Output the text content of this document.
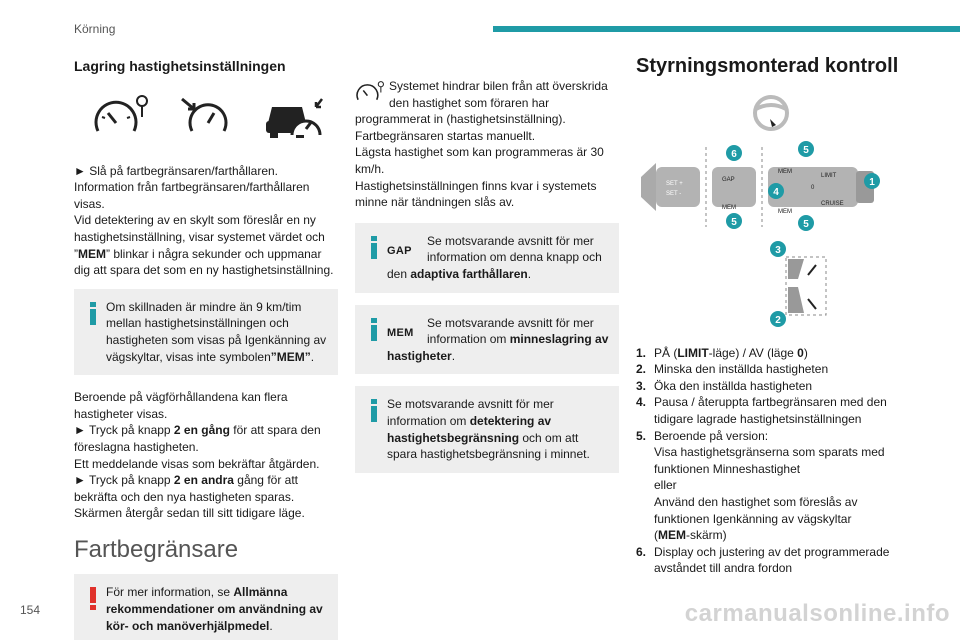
Körning
154	carmanualsonline.info
Lagring hastighetsinställningen

► Slå på fartbegränsaren/farthållaren.

Information från fartbegränsaren/farthållaren visas.

Vid detektering av en skylt som föreslår en ny hastighetsinställning, visar systemet värdet och ”MEM” blinkar i några sekunder och uppmanar dig att spara det som en ny hastighetsinställning.

Om skillnaden är mindre än 9 km/tim mellan hastighetsinställningen och hastigheten som visas på Igenkänning av vägskyltar, visas inte symbolen”MEM”.

Beroende på vägförhållandena kan flera hastigheter visas.

► Tryck på knapp 2 en gång för att spara den föreslagna hastigheten.

Ett meddelande visas som bekräftar åtgärden.

► Tryck på knapp 2 en andra gång för att bekräfta och den nya hastigheten sparas.

Skärmen återgår sedan till sitt tidigare läge.

Fartbegränsare
För mer information, se Allmänna rekommendationer om användning av kör- och manöverhjälpmedel.

Systemet hindrar bilen från att överskrida den hastighet som föraren har programmerat in (hastighetsinställning).

Fartbegränsaren startas manuellt.

Lägsta hastighet som kan programmeras är 30 km/h.

Hastighetsinställningen finns kvar i systemets minne när tändningen slås av.

GAP
Se motsvarande avsnitt för mer information om denna knapp och den adaptiva farthållaren.
MEM
Se motsvarande avsnitt för mer information om minneslagring av hastigheter.
Se motsvarande avsnitt för mer information om detektering av hastighetsbegränsning och om att spara hastighetsbegränsning i minnet.
Styrningsmonterad kontroll
SET +
SET -
GAP
MEM
MEM
LIMIT
0
CRUISE
MEM
6	5
1
4
5	5
3
2
1. PÅ (LIMIT-läge) / AV (läge 0)
2. Minska den inställda hastigheten
3. Öka den inställda hastigheten
4. Pausa / återuppta fartbegränsaren med den tidigare lagrade hastighetsinställningen
5. Beroende på version:
Visa hastighetsgränserna som sparats med funktionen Minneshastighet
eller
Använd den hastighet som föreslås av funktionen Igenkänning av vägskyltar
(MEM-skärm)
6. Display och justering av det programmerade avståndet till andra fordon
